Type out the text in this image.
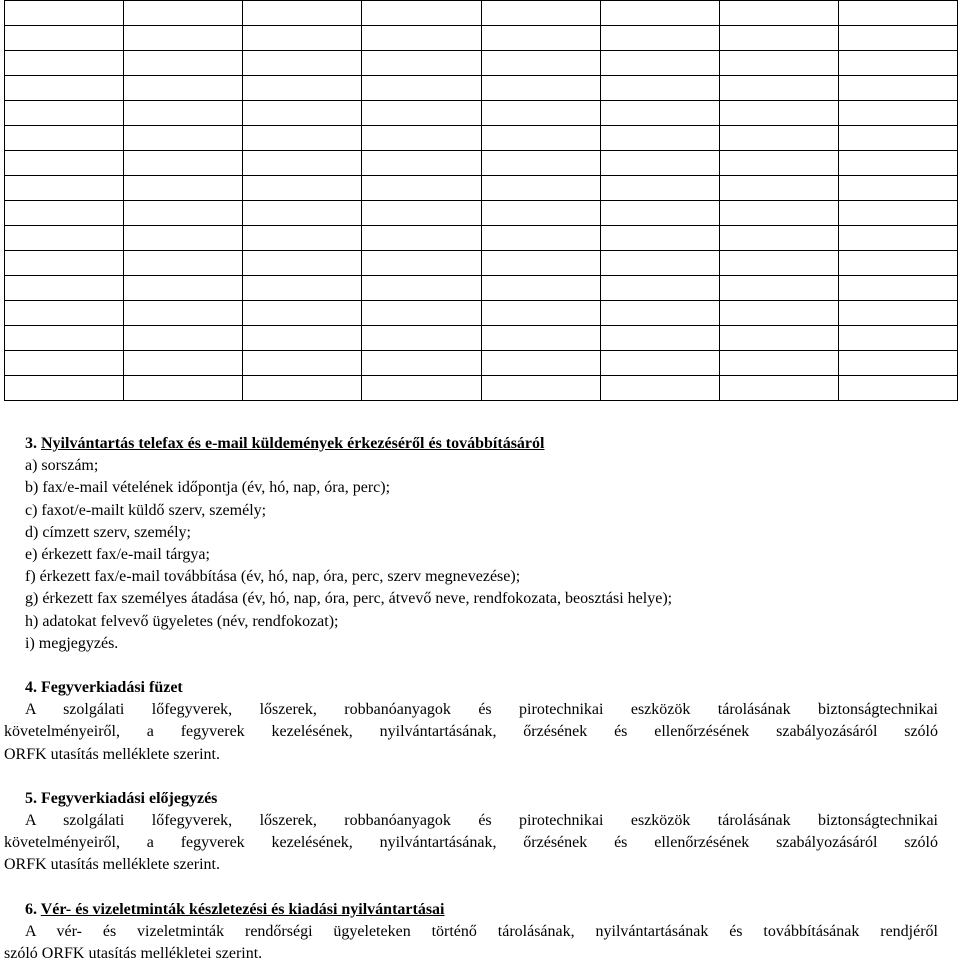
3. Nyilvántartás telefax és e-mail küldemények érkezéséről és továbbításáról
a) sorszám;
b) fax/e-mail vételének időpontja (év, hó, nap, óra, perc);
c) faxot/e-mailt küldő szerv, személy;
d) címzett szerv, személy;
e) érkezett fax/e-mail tárgya;
f) érkezett fax/e-mail továbbítása (év, hó, nap, óra, perc, szerv megnevezése);
g) érkezett fax személyes átadása (év, hó, nap, óra, perc, átvevő neve, rendfokozata, beosztási helye);
h) adatokat felvevő ügyeletes (név, rendfokozat);
i) megjegyzés.
4. Fegyverkiadási füzet
A szolgálati lőfegyverek, lőszerek, robbanóanyagok és pirotechnikai eszközök tárolásának biztonságtechnikai
követelményeiről, a fegyverek kezelésének, nyilvántartásának, őrzésének és ellenőrzésének szabályozásáról szóló
ORFK utasítás melléklete szerint.
5. Fegyverkiadási előjegyzés
A szolgálati lőfegyverek, lőszerek, robbanóanyagok és pirotechnikai eszközök tárolásának biztonságtechnikai
követelményeiről, a fegyverek kezelésének, nyilvántartásának, őrzésének és ellenőrzésének szabályozásáról szóló
ORFK utasítás melléklete szerint.
6. Vér- és vizeletminták készletezési és kiadási nyilvántartásai
A vér- és vizeletminták rendőrségi ügyeleteken történő tárolásának, nyilvántartásának és továbbításának rendjéről
szóló ORFK utasítás mellékletei szerint.
